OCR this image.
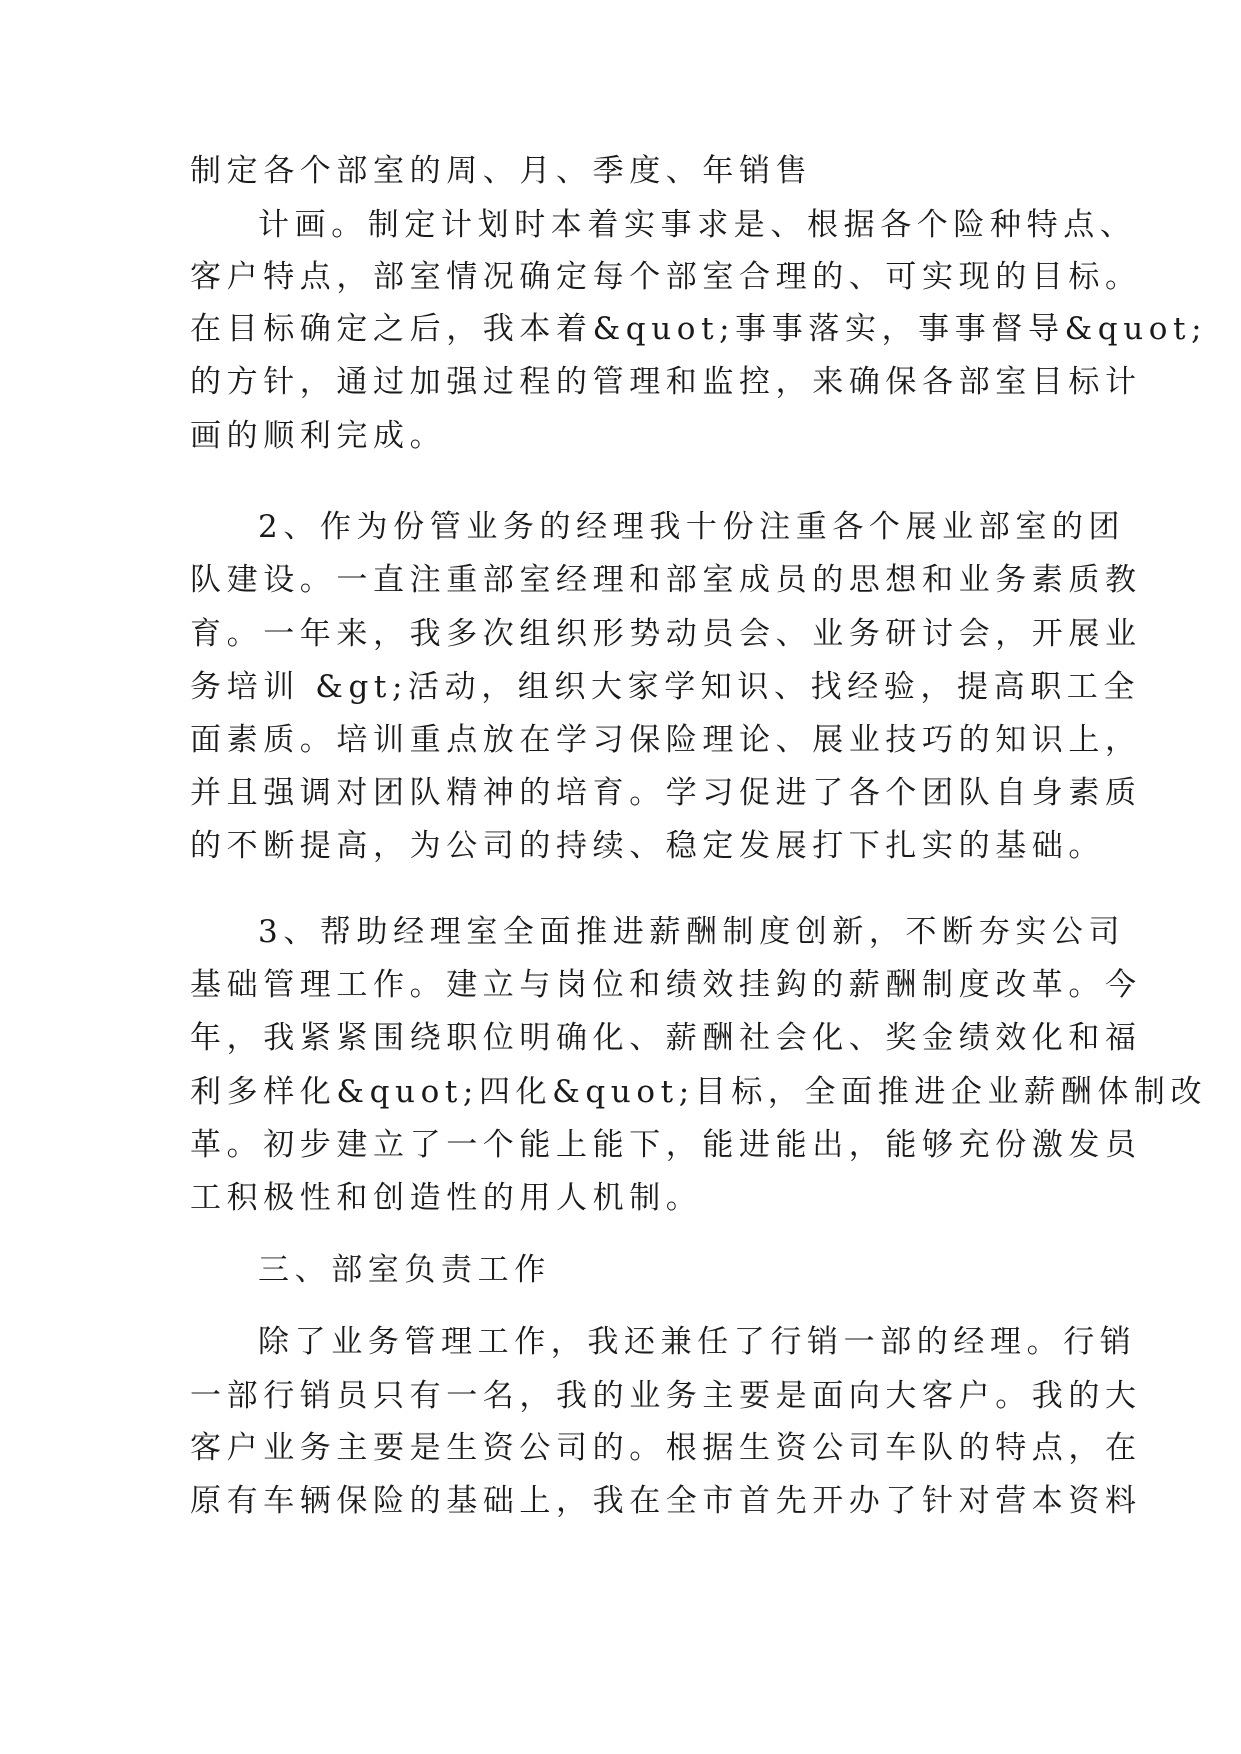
制定各个部室的周、月、季度、年销售
计画。制定计划时本着实事求是、根据各个险种特点、
客户特点，部室情况确定每个部室合理的、可实现的目标。
在目标确定之后，我本着&quot;事事落实，事事督导&quot;
的方针，通过加强过程的管理和监控，来确保各部室目标计
画的顺利完成。
2、作为份管业务的经理我十份注重各个展业部室的团
队建设。一直注重部室经理和部室成员的思想和业务素质教
育。一年来，我多次组织形势动员会、业务研讨会，开展业
务培训 &gt;活动，组织大家学知识、找经验，提高职工全
面素质。培训重点放在学习保险理论、展业技巧的知识上，
并且强调对团队精神的培育。学习促进了各个团队自身素质
的不断提高，为公司的持续、稳定发展打下扎实的基础。
3、帮助经理室全面推进薪酬制度创新，不断夯实公司
基础管理工作。建立与岗位和绩效挂鈎的薪酬制度改革。今
年，我紧紧围绕职位明确化、薪酬社会化、奖金绩效化和福
利多样化&quot;四化&quot;目标，全面推进企业薪酬体制改
革。初步建立了一个能上能下，能进能出，能够充份激发员
工积极性和创造性的用人机制。
三、部室负责工作
除了业务管理工作，我还兼任了行销一部的经理。行销
一部行销员只有一名，我的业务主要是面向大客户。我的大
客户业务主要是生资公司的。根据生资公司车队的特点，在
原有车辆保险的基础上，我在全市首先开办了针对营本资料
